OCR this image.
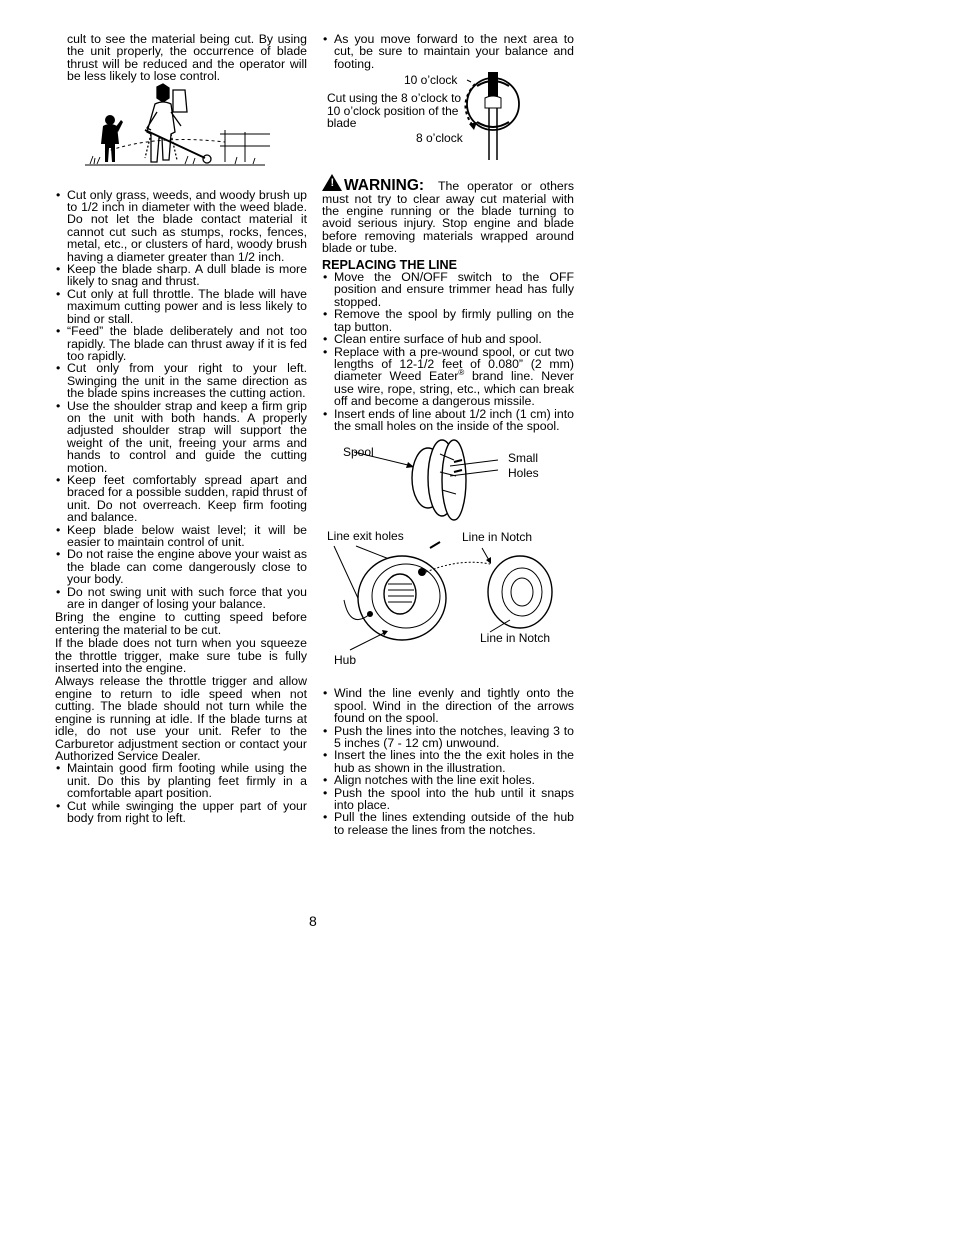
cult to see the material being cut. By using the unit properly, the occurrence of blade thrust will be reduced and the operator will be less likely to lose control.

• Cut only grass, weeds, and woody brush up to 1/2 inch in diameter with the weed blade. Do not let the blade contact material it cannot cut such as stumps, rocks, fences, metal, etc., or clusters of hard, woody brush having a diameter greater than 1/2 inch.
• Keep the blade sharp. A dull blade is more likely to snag and thrust.
• Cut only at full throttle. The blade will have maximum cutting power and is less likely to bind or stall.
• “Feed” the blade deliberately and not too rapidly. The blade can thrust away if it is fed too rapidly.
• Cut only from your right to your left. Swinging the unit in the same direction as the blade spins increases the cutting action.
• Use the shoulder strap and keep a firm grip on the unit with both hands. A properly adjusted shoulder strap will support the weight of the unit, freeing your arms and hands to control and guide the cutting motion.
• Keep feet comfortably spread apart and braced for a possible sudden, rapid thrust of unit. Do not overreach. Keep firm footing and balance.
• Keep blade below waist level; it will be easier to maintain control of unit.
• Do not raise the engine above your waist as the blade can come dangerously close to your body.
• Do not swing unit with such force that you are in danger of losing your balance.

Bring the engine to cutting speed before entering the material to be cut.

If the blade does not turn when you squeeze the throttle trigger, make sure tube is fully inserted into the engine.

Always release the throttle trigger and allow engine to return to idle speed when not cutting. The blade should not turn while the engine is running at idle. If the blade turns at idle, do not use your unit. Refer to the Carburetor adjustment section or contact your Authorized Service Dealer.

• Maintain good firm footing while using the unit. Do this by planting feet firmly in a comfortable apart position.
• Cut while swinging the upper part of your body from right to left.
• As you move forward to the next area to cut, be sure to maintain your balance and footing.

! WARNING: The operator or others must not try to clear away cut material with the engine running or the blade turning to avoid serious injury. Stop engine and blade before removing materials wrapped around blade or tube.

REPLACING THE LINE

• Move the ON/OFF switch to the OFF position and ensure trimmer head has fully stopped.
• Remove the spool by firmly pulling on the tap button.
• Clean entire surface of hub and spool.
• Replace with a pre-wound spool, or cut two lengths of 12-1/2 feet of 0.080” (2 mm) diameter Weed Eater® brand line. Never use wire, rope, string, etc., which can break off and become a dangerous missile.
• Insert ends of line about 1/2 inch (1 cm) into the small holes on the inside of the spool.
• Wind the line evenly and tightly onto the spool. Wind in the direction of the arrows found on the spool.
• Push the lines into the notches, leaving 3 to 5 inches (7 - 12 cm) unwound.
• Insert the lines into the the exit holes in the hub as shown in the illustration.
• Align notches with the line exit holes.
• Push the spool into the hub until it snaps into place.
• Pull the lines extending outside of the hub to release the lines from the notches.
10 o’clock
Cut using the 8 o’clock to 10 o’clock position of the blade
8 o’clock
Spool	Small
Holes
Line exit holes	Line in Notch
Line in Notch
Hub
8
